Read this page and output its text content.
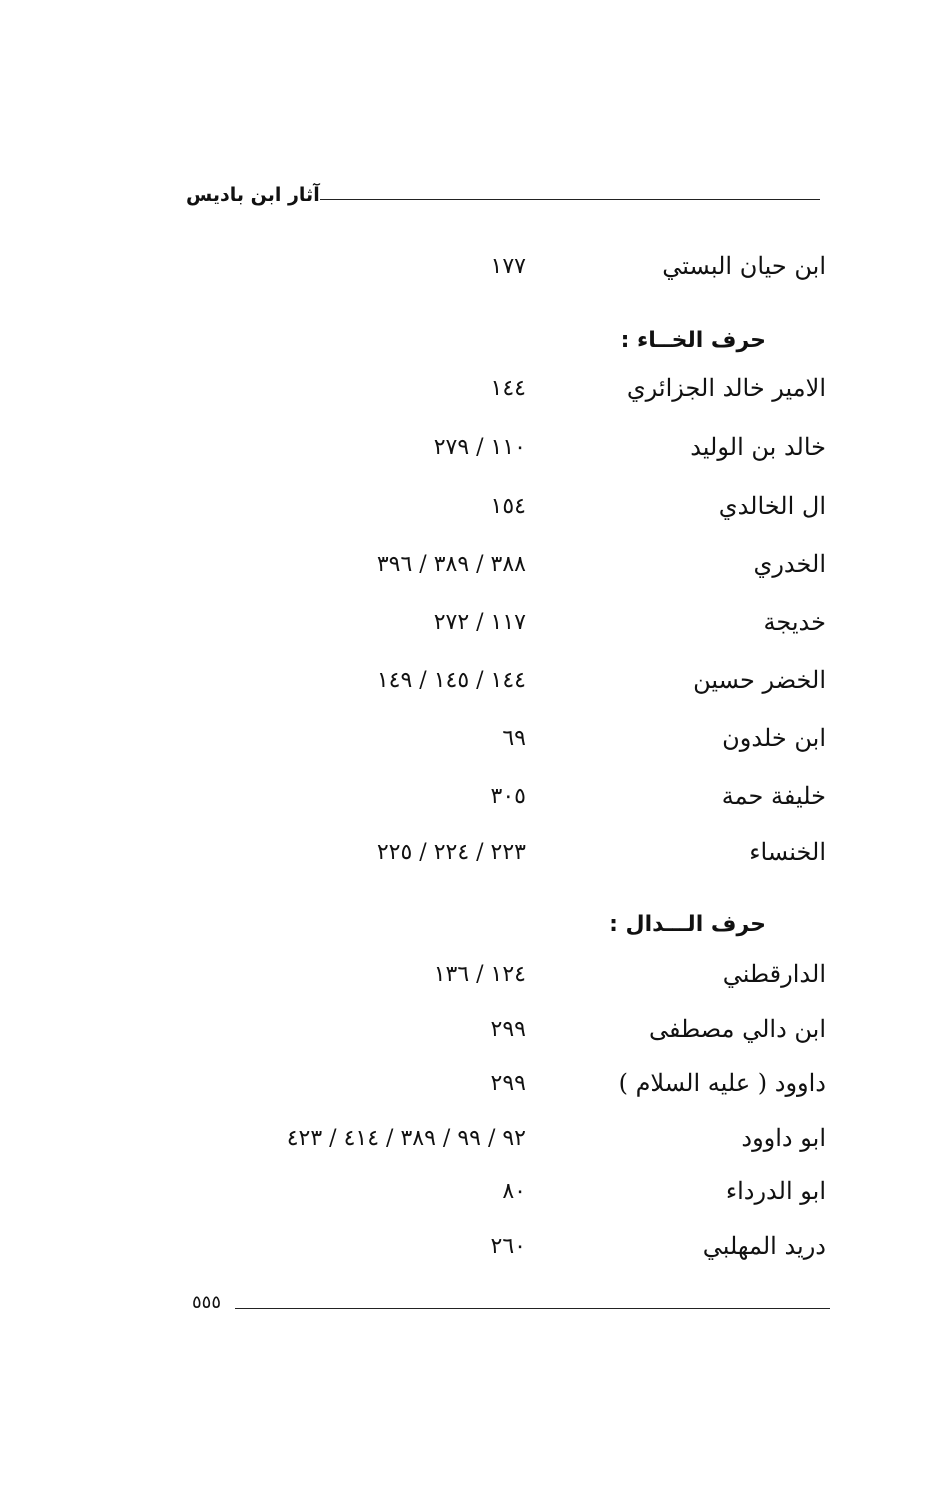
آثار ابن باديس
ابن حيان البستي
١٧٧
حرف الخــاء :
الامير خالد الجزائري
١٤٤
خالد بن الوليد
١١٠ / ٢٧٩
ال الخالدي
١٥٤
الخدري
٣٨٨ / ٣٨٩ / ٣٩٦
خديجة
١١٧ / ٢٧٢
الخضر حسين
١٤٤ / ١٤٥ / ١٤٩
ابن خلدون
٦٩
خليفة حمة
٣٠٥
الخنساء
٢٢٣ / ٢٢٤ / ٢٢٥
حرف الـــدال :
الدارقطني
١٢٤ / ١٣٦
ابن دالي مصطفى
٢٩٩
داوود ( عليه السلام )
٢٩٩
ابو داوود
٩٢ / ٩٩ / ٣٨٩ / ٤١٤ / ٤٢٣
ابو الدرداء
٨٠
دريد المهلبي
٢٦٠
٥٥٥
